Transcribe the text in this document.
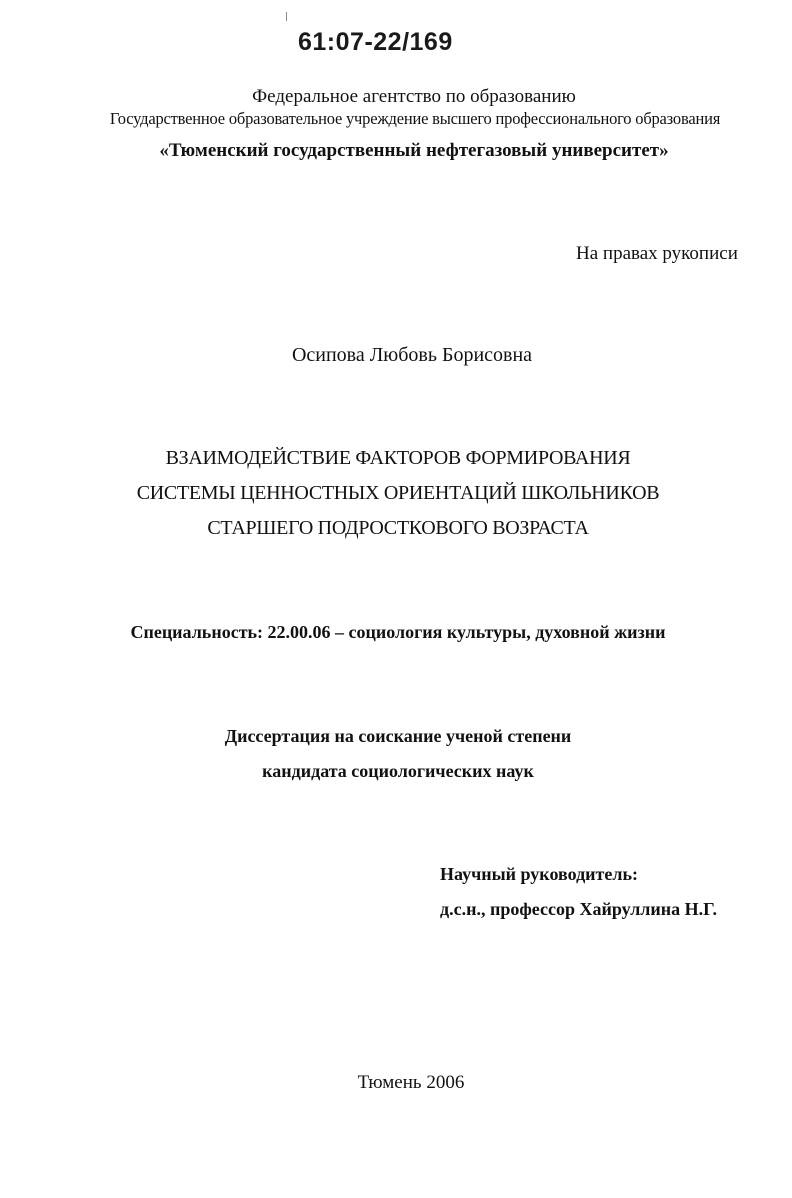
61:07-22/169
Федеральное агентство по образованию
Государственное образовательное учреждение высшего профессионального образования
«Тюменский государственный нефтегазовый университет»
На правах рукописи
Осипова Любовь Борисовна
ВЗАИМОДЕЙСТВИЕ ФАКТОРОВ ФОРМИРОВАНИЯ
СИСТЕМЫ ЦЕННОСТНЫХ ОРИЕНТАЦИЙ ШКОЛЬНИКОВ
СТАРШЕГО ПОДРОСТКОВОГО ВОЗРАСТА
Специальность: 22.00.06 – социология культуры, духовной жизни
Диссертация на соискание ученой степени
кандидата социологических наук
Научный руководитель:
д.с.н., профессор Хайруллина Н.Г.
Тюмень 2006
